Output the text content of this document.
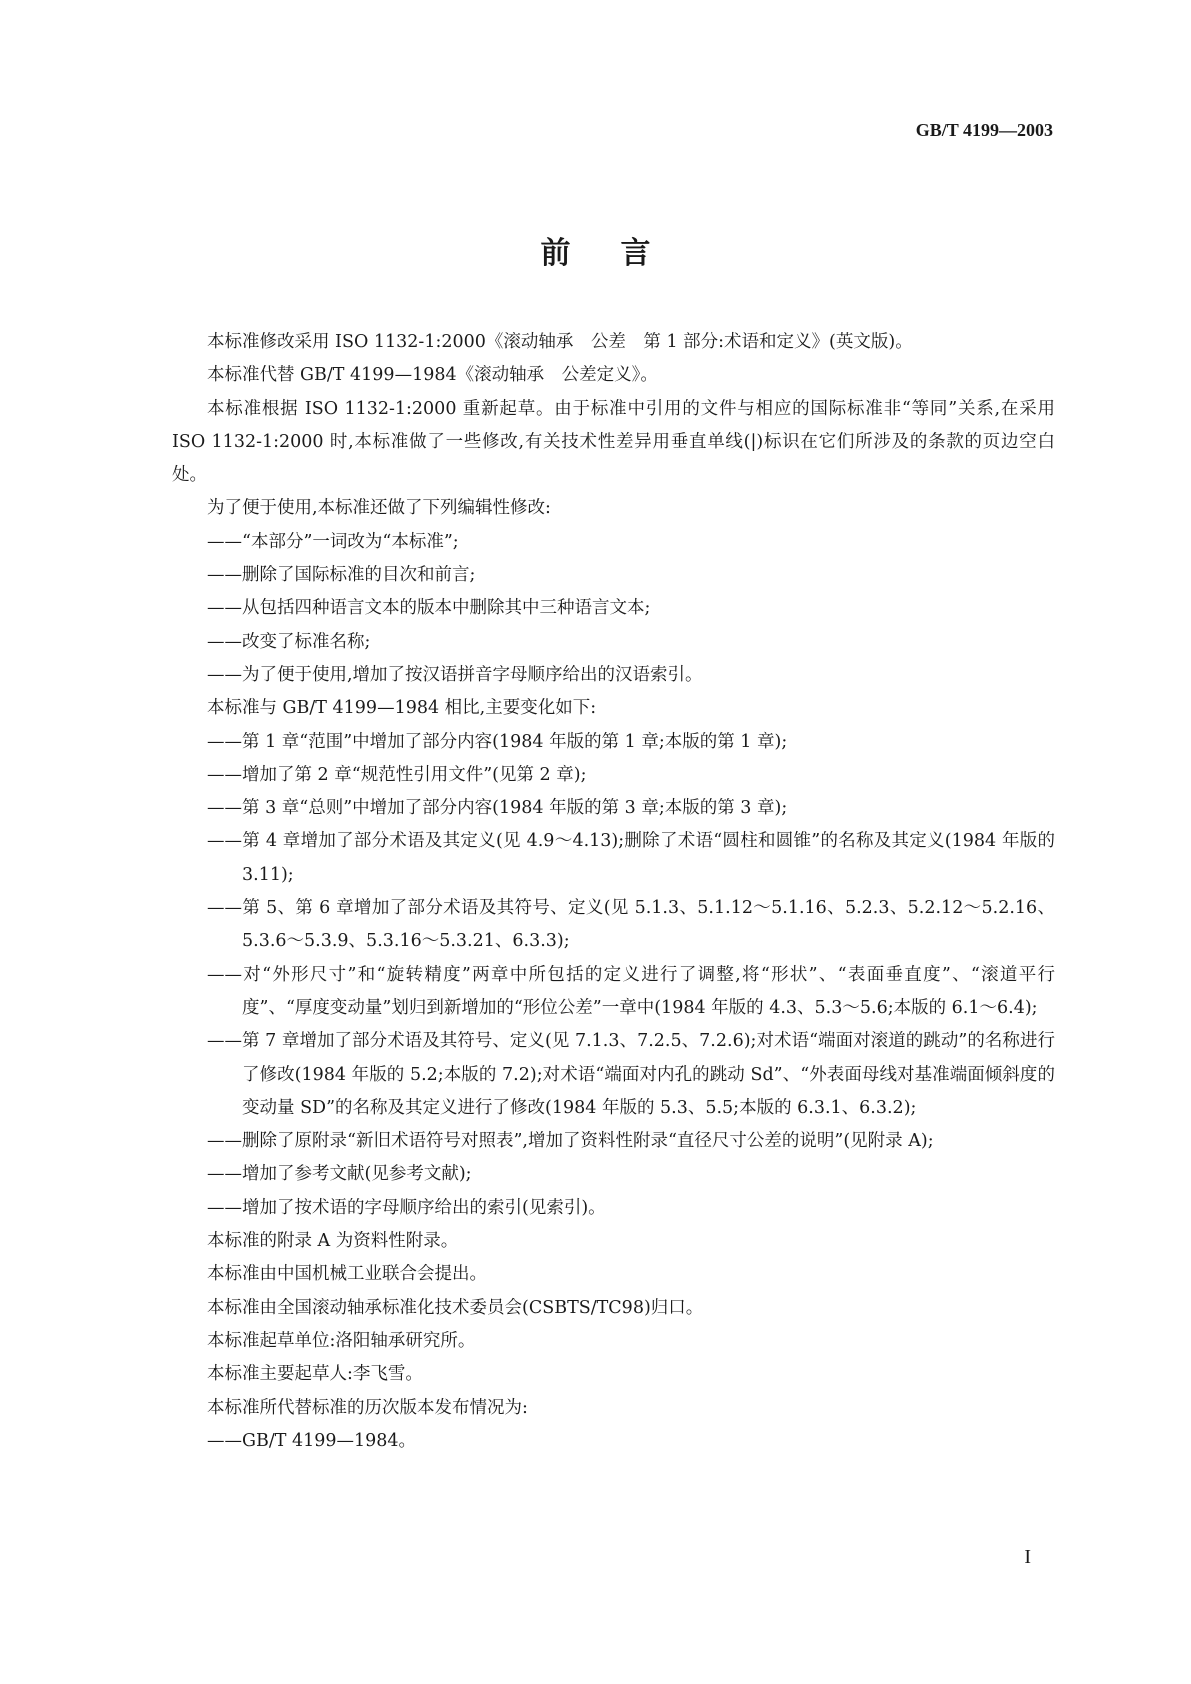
GB/T 4199—2003
前言

本标准修改采用 ISO 1132-1:2000《滚动轴承　公差　第 1 部分:术语和定义》(英文版)。

本标准代替 GB/T 4199—1984《滚动轴承　公差定义》。

本标准根据 ISO 1132-1:2000 重新起草。由于标准中引用的文件与相应的国际标准非“等同”关系,在采用 ISO 1132-1:2000 时,本标准做了一些修改,有关技术性差异用垂直单线(|)标识在它们所涉及的条款的页边空白处。

为了便于使用,本标准还做了下列编辑性修改:

——“本部分”一词改为“本标准”;

——删除了国际标准的目次和前言;

——从包括四种语言文本的版本中删除其中三种语言文本;

——改变了标准名称;

——为了便于使用,增加了按汉语拼音字母顺序给出的汉语索引。

本标准与 GB/T 4199—1984 相比,主要变化如下:

——第 1 章“范围”中增加了部分内容(1984 年版的第 1 章;本版的第 1 章);

——增加了第 2 章“规范性引用文件”(见第 2 章);

——第 3 章“总则”中增加了部分内容(1984 年版的第 3 章;本版的第 3 章);

——第 4 章增加了部分术语及其定义(见 4.9～4.13);删除了术语“圆柱和圆锥”的名称及其定义(1984 年版的 3.11);

——第 5、第 6 章增加了部分术语及其符号、定义(见 5.1.3、5.1.12～5.1.16、5.2.3、5.2.12～5.2.16、5.3.6～5.3.9、5.3.16～5.3.21、6.3.3);

——对“外形尺寸”和“旋转精度”两章中所包括的定义进行了调整,将“形状”、“表面垂直度”、“滚道平行度”、“厚度变动量”划归到新增加的“形位公差”一章中(1984 年版的 4.3、5.3～5.6;本版的 6.1～6.4);

——第 7 章增加了部分术语及其符号、定义(见 7.1.3、7.2.5、7.2.6);对术语“端面对滚道的跳动”的名称进行了修改(1984 年版的 5.2;本版的 7.2);对术语“端面对内孔的跳动 Sd”、“外表面母线对基准端面倾斜度的变动量 SD”的名称及其定义进行了修改(1984 年版的 5.3、5.5;本版的 6.3.1、6.3.2);

——删除了原附录“新旧术语符号对照表”,增加了资料性附录“直径尺寸公差的说明”(见附录 A);

——增加了参考文献(见参考文献);

——增加了按术语的字母顺序给出的索引(见索引)。

本标准的附录 A 为资料性附录。

本标准由中国机械工业联合会提出。

本标准由全国滚动轴承标准化技术委员会(CSBTS/TC98)归口。

本标准起草单位:洛阳轴承研究所。

本标准主要起草人:李飞雪。

本标准所代替标准的历次版本发布情况为:

——GB/T 4199—1984。

I
